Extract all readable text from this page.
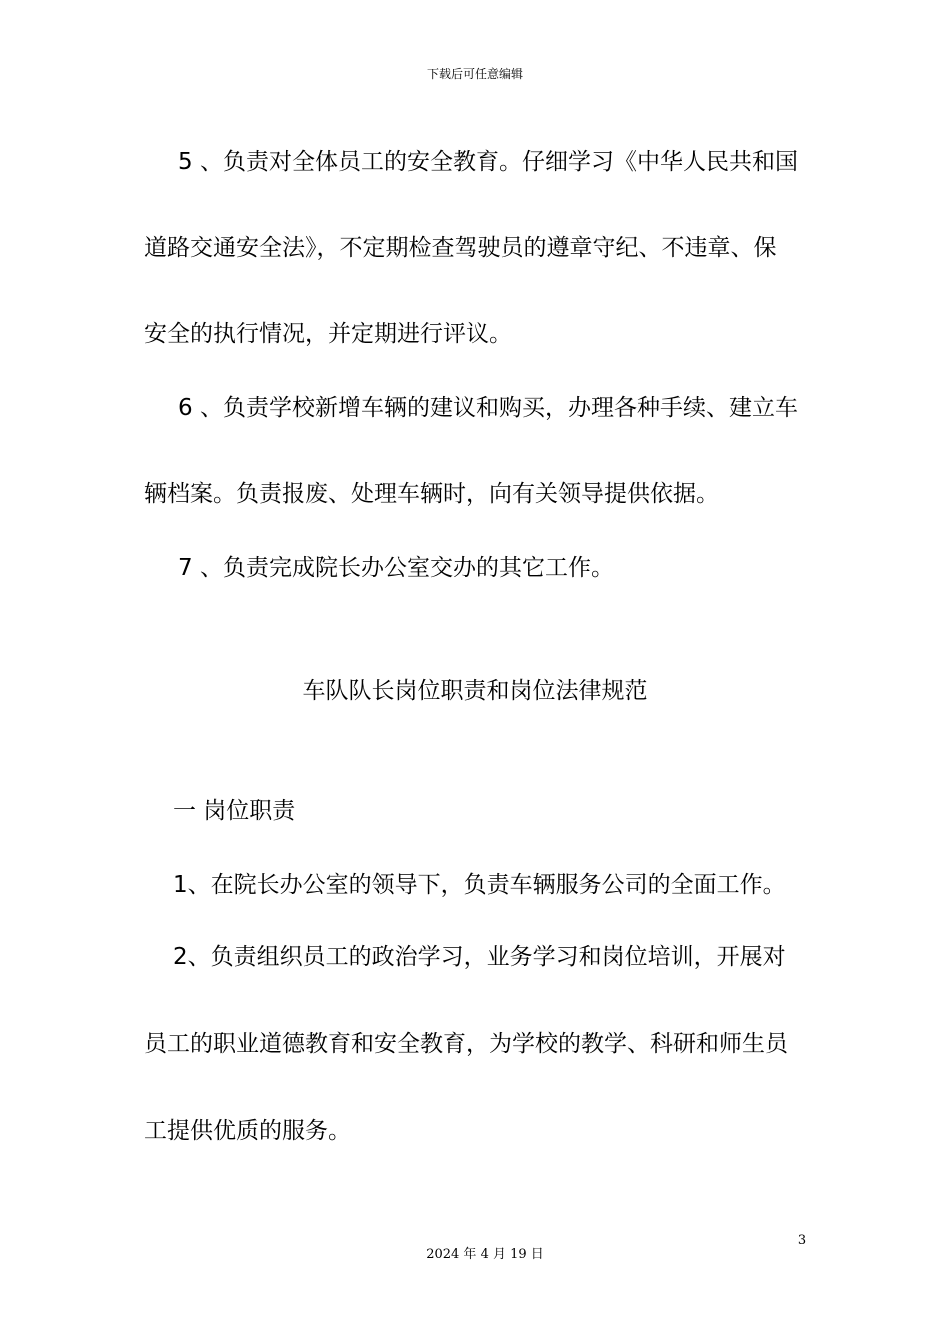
下载后可任意编辑

5 、负责对全体员工的安全教育。仔细学习《中华人民共和国

道路交通安全法》，不定期检查驾驶员的遵章守纪、不违章、保

安全的执行情况，并定期进行评议。

6 、负责学校新增车辆的建议和购买，办理各种手续、建立车

辆档案。负责报废、处理车辆时，向有关领导提供依据。

7 、负责完成院长办公室交办的其它工作。

车队队长岗位职责和岗位法律规范

一 岗位职责

1、在院长办公室的领导下，负责车辆服务公司的全面工作。

2、负责组织员工的政治学习，业务学习和岗位培训，开展对

员工的职业道德教育和安全教育，为学校的教学、科研和师生员

工提供优质的服务。

3
2024 年 4 月 19 日
